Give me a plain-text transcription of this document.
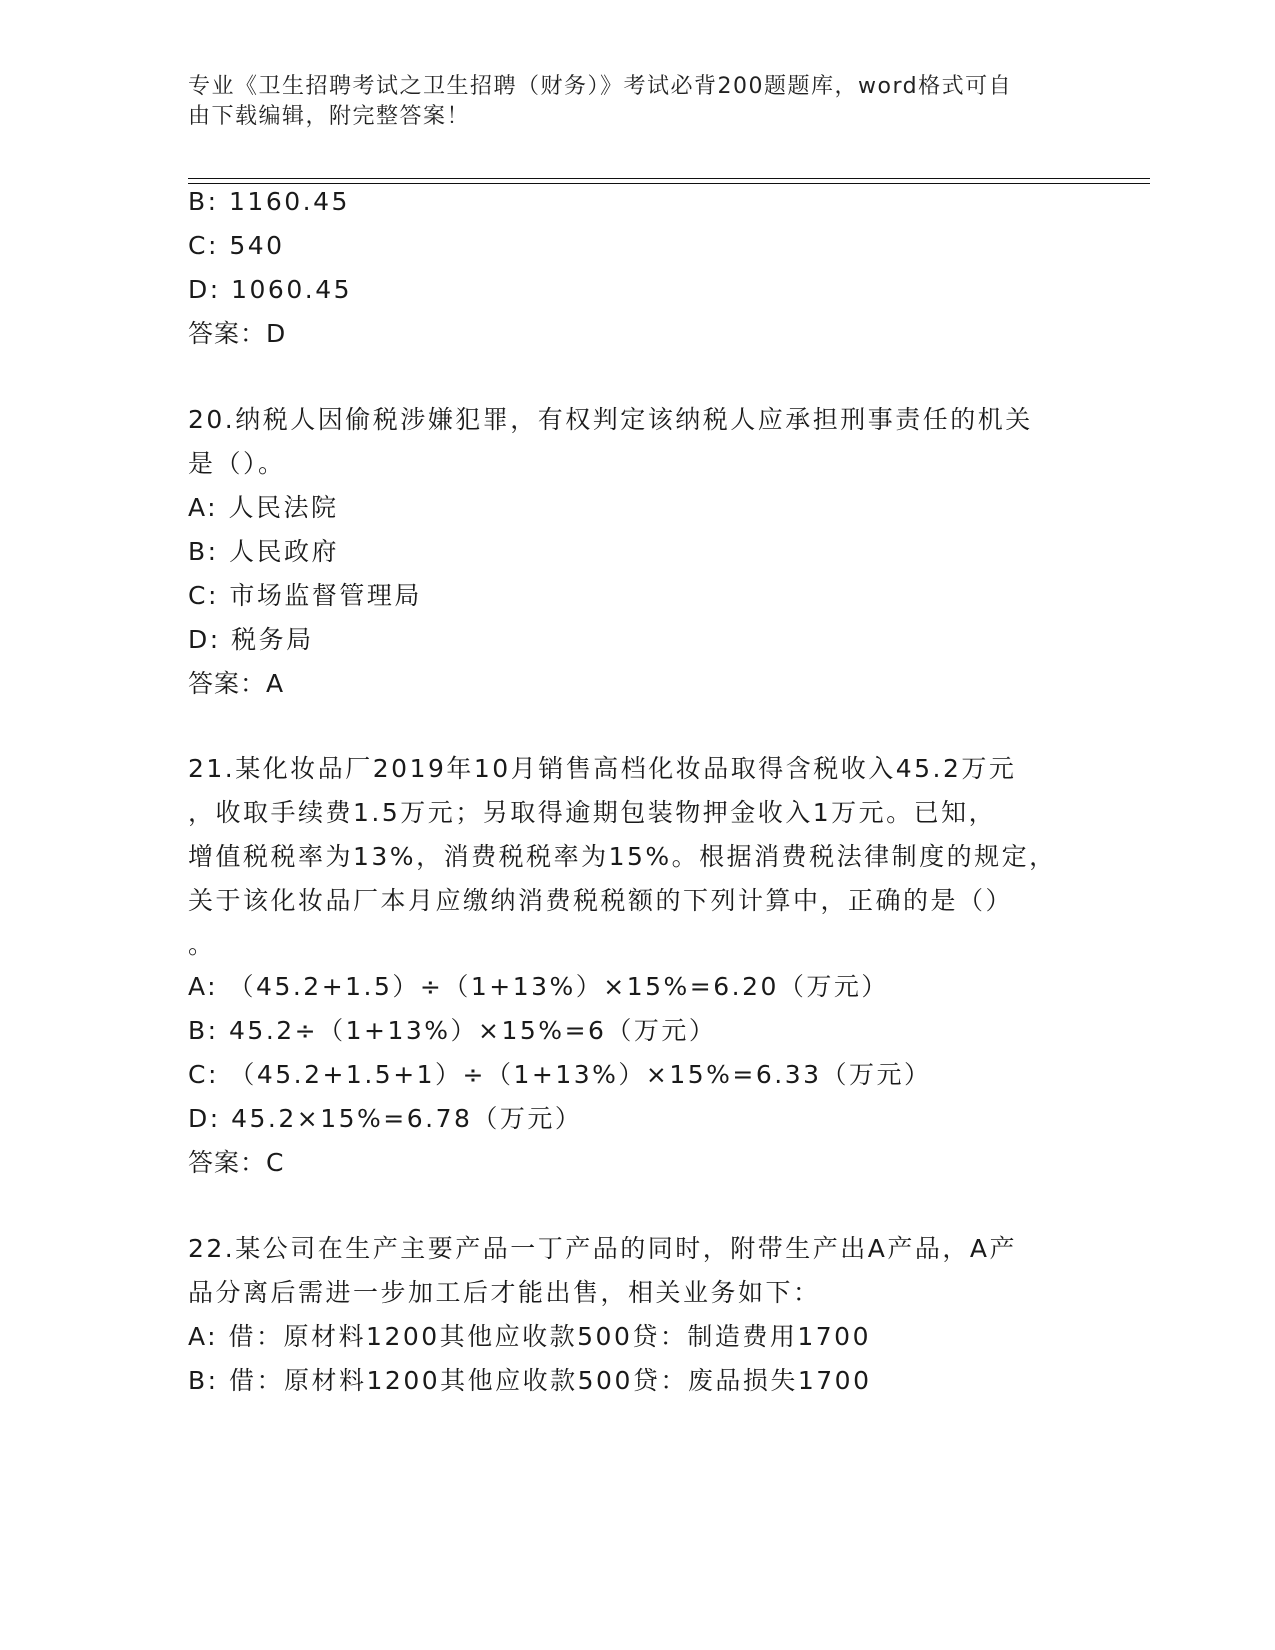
专业《卫生招聘考试之卫生招聘（财务）》考试必背200题题库，word格式可自
由下载编辑，附完整答案！
B: 1160.45
C: 540
D: 1060.45
答案：D
20.纳税人因偷税涉嫌犯罪，有权判定该纳税人应承担刑事责任的机关
是（）。
A: 人民法院
B: 人民政府
C: 市场监督管理局
D: 税务局
答案：A
21.某化妆品厂2019年10月销售高档化妆品取得含税收入45.2万元
，收取手续费1.5万元；另取得逾期包装物押金收入1万元。已知，
增值税税率为13%，消费税税率为15%。根据消费税法律制度的规定，
关于该化妆品厂本月应缴纳消费税税额的下列计算中，正确的是（）
。
A: （45.2+1.5）÷（1+13%）×15%=6.20（万元）
B: 45.2÷（1+13%）×15%=6（万元）
C: （45.2+1.5+1）÷（1+13%）×15%=6.33（万元）
D: 45.2×15%=6.78（万元）
答案：C
22.某公司在生产主要产品一丁产品的同时，附带生产出A产品，A产
品分离后需进一步加工后才能出售，相关业务如下：
A: 借：原材料1200其他应收款500贷：制造费用1700
B: 借：原材料1200其他应收款500贷：废品损失1700
